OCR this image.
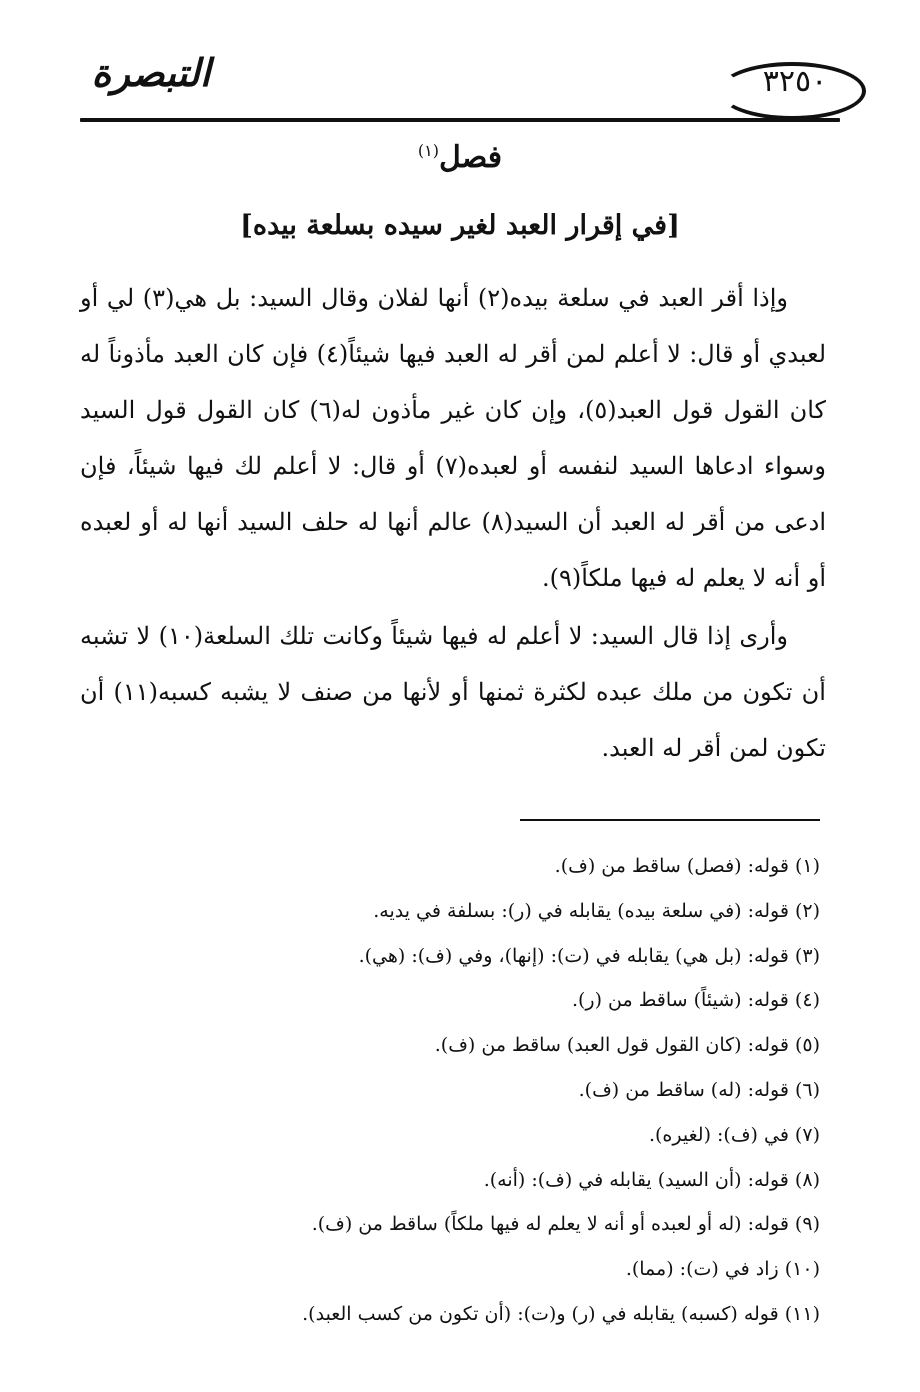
التبصرة	٣٢٥٠
فصل$^{(١)}$
[في إقرار العبد لغير سيده بسلعة بيده]

وإذا أقر العبد في سلعة بيده(٢) أنها لفلان وقال السيد: بل هي(٣) لي أو لعبدي أو قال: لا أعلم لمن أقر له العبد فيها شيئاً(٤) فإن كان العبد مأذوناً له كان القول قول العبد(٥)، وإن كان غير مأذون له(٦) كان القول قول السيد وسواء ادعاها السيد لنفسه أو لعبده(٧) أو قال: لا أعلم لك فيها شيئاً، فإن ادعى من أقر له العبد أن السيد(٨) عالم أنها له حلف السيد أنها له أو لعبده أو أنه لا يعلم له فيها ملكاً(٩).

وأرى إذا قال السيد: لا أعلم له فيها شيئاً وكانت تلك السلعة(١٠) لا تشبه أن تكون من ملك عبده لكثرة ثمنها أو لأنها من صنف لا يشبه كسبه(١١) أن تكون لمن أقر له العبد.

(١) قوله: (فصل) ساقط من (ف).
(٢) قوله: (في سلعة بيده) يقابله في (ر): بسلفة في يديه.
(٣) قوله: (بل هي) يقابله في (ت): (إنها)، وفي (ف): (هي).
(٤) قوله: (شيئاً) ساقط من (ر).
(٥) قوله: (كان القول قول العبد) ساقط من (ف).
(٦) قوله: (له) ساقط من (ف).
(٧) في (ف): (لغيره).
(٨) قوله: (أن السيد) يقابله في (ف): (أنه).
(٩) قوله: (له أو لعبده أو أنه لا يعلم له فيها ملكاً) ساقط من (ف).
(١٠) زاد في (ت): (مما).
(١١) قوله (كسبه) يقابله في (ر) و(ت): (أن تكون من كسب العبد).
